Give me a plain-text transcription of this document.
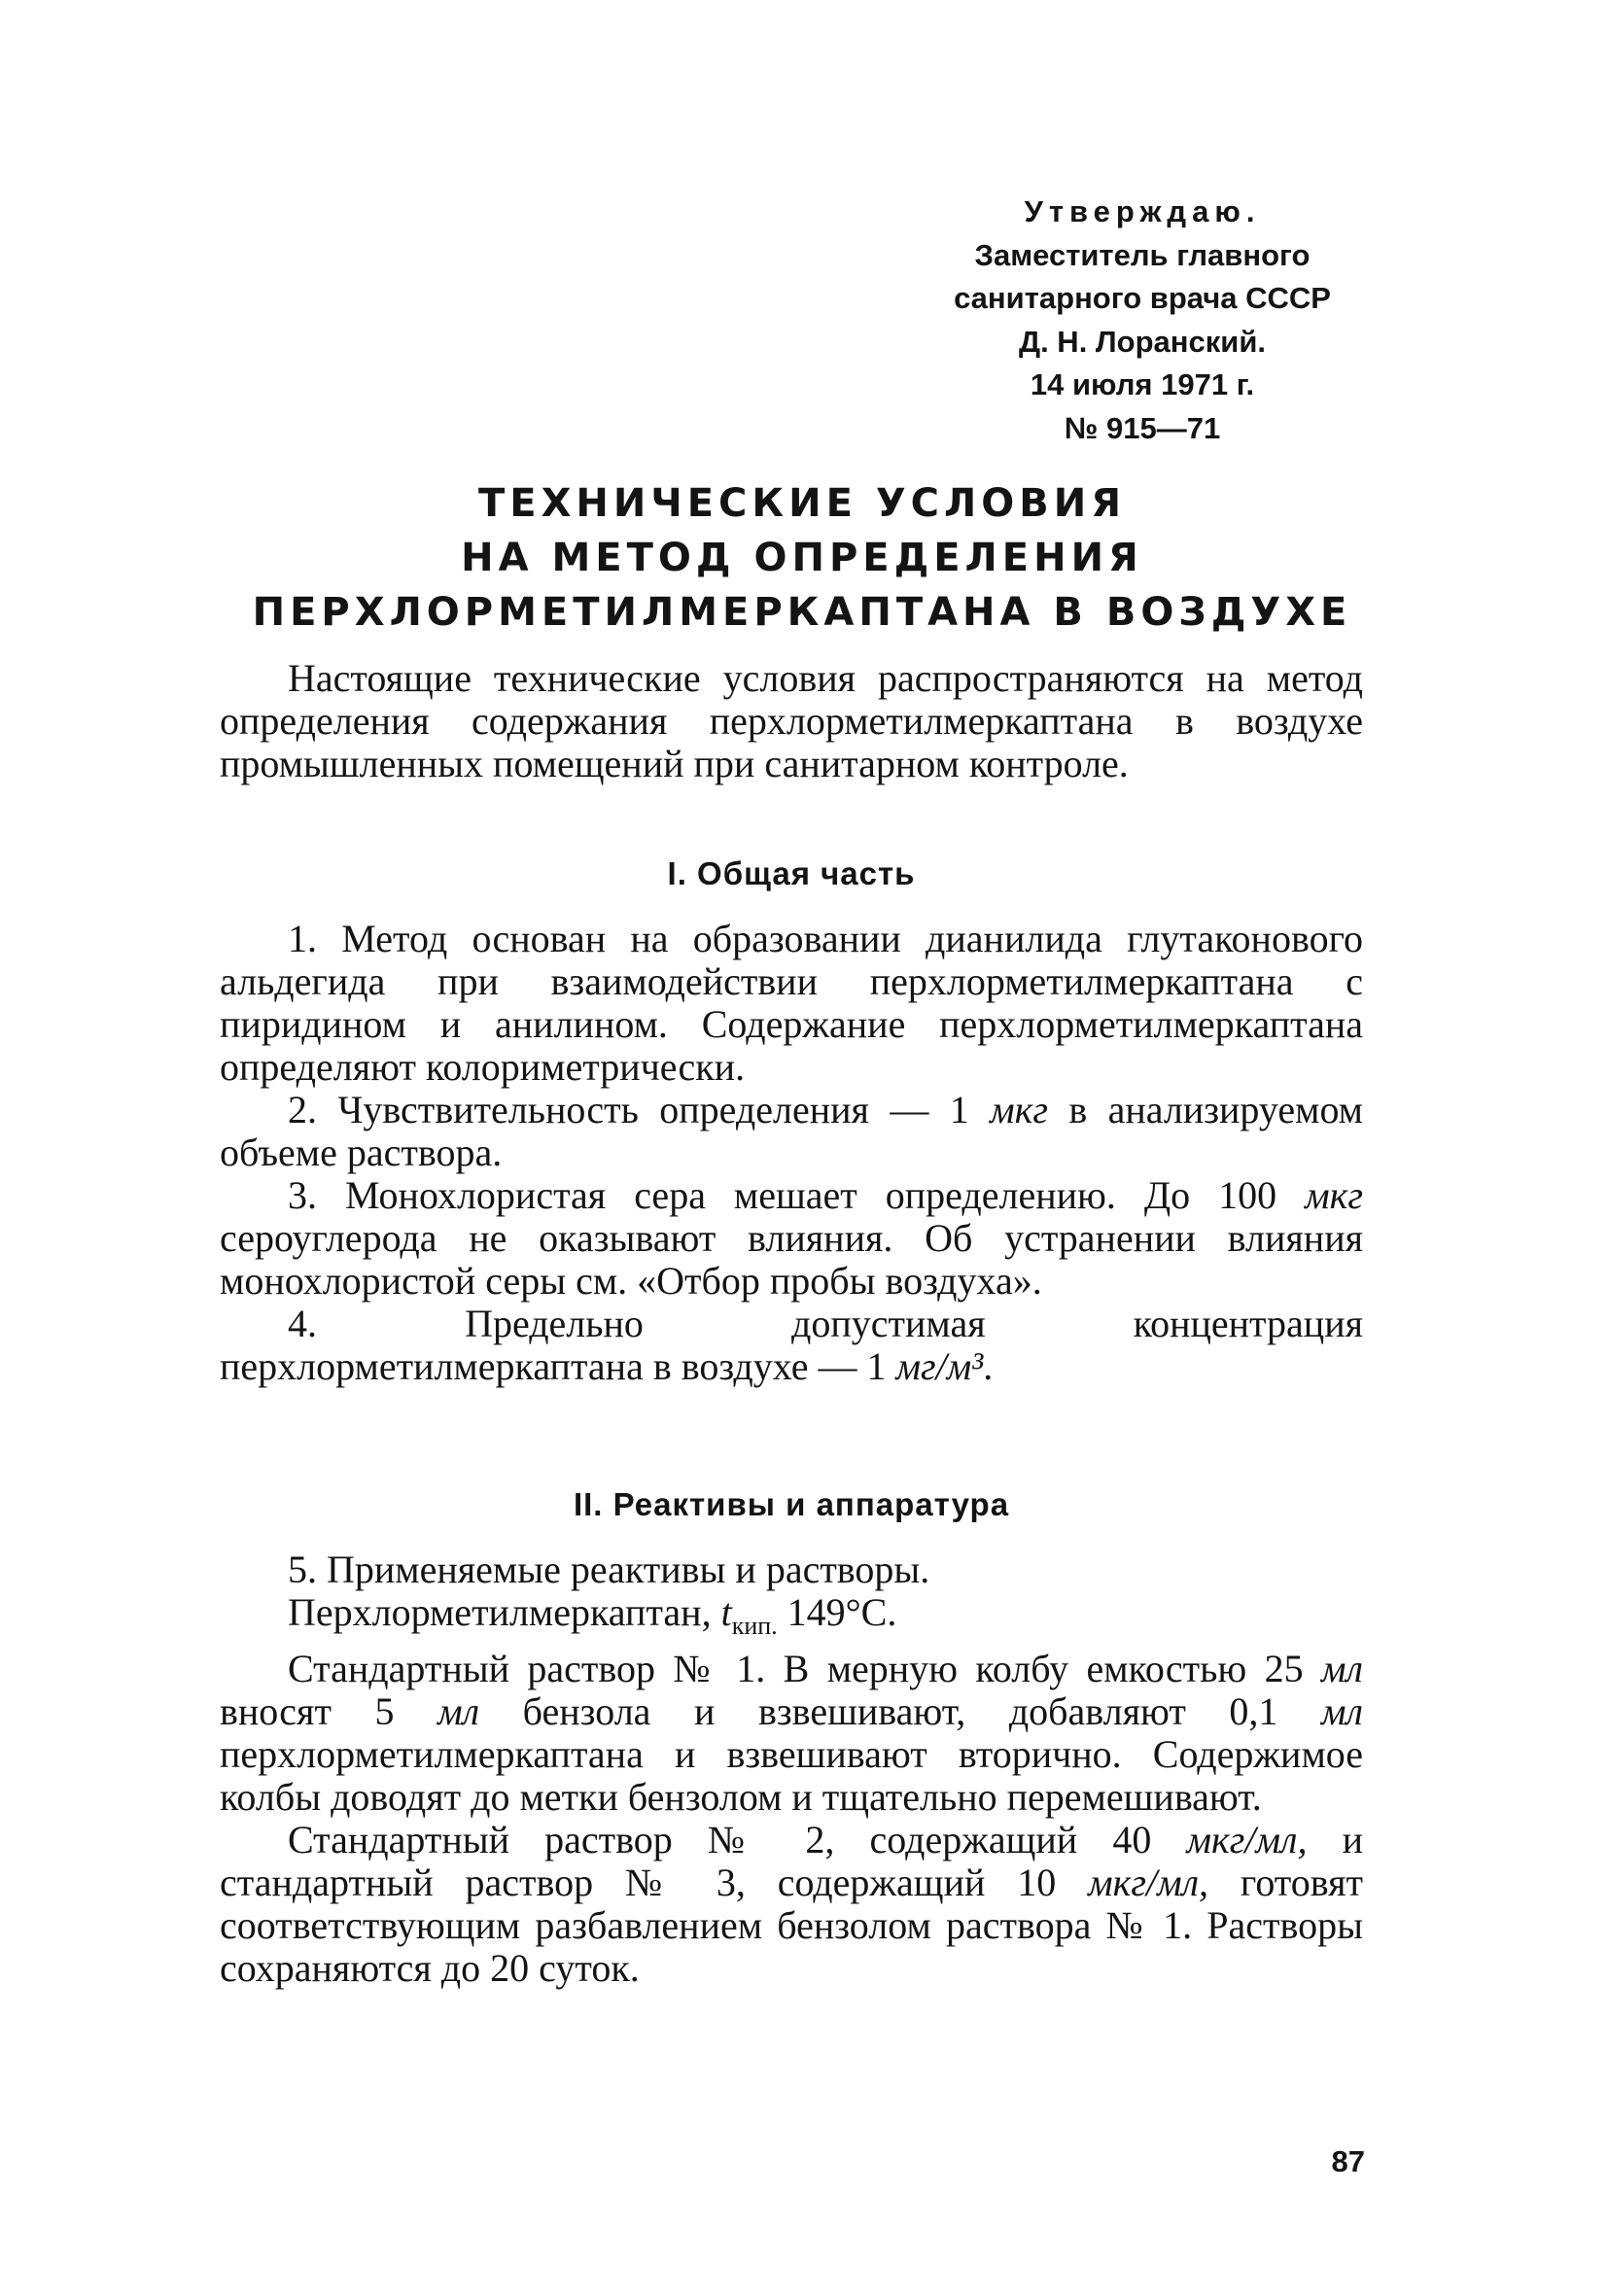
Утверждаю.
Заместитель главного
санитарного врача СССР
Д. Н. Лоранский.
14 июля 1971 г.
№ 915—71
ТЕХНИЧЕСКИЕ УСЛОВИЯ
НА МЕТОД ОПРЕДЕЛЕНИЯ
ПЕРХЛОРМЕТИЛМЕРКАПТАНА В ВОЗДУХЕ

Настоящие технические условия распространяются на метод определения содержания перхлорметилмеркаптана в воздухе промышленных помещений при санитарном контроле.

I. Общая часть

1. Метод основан на образовании дианилида глутаконового альдегида при взаимодействии перхлорметилмеркаптана с пиридином и анилином. Содержание перхлорметилмеркаптана определяют колориметрически.

2. Чувствительность определения — 1 мкг в анализируемом объеме раствора.

3. Монохлористая сера мешает определению. До 100 мкг сероуглерода не оказывают влияния. Об устранении влияния монохлористой серы см. «Отбор пробы воздуха».

4. Предельно допустимая концентрация перхлорметилмеркаптана в воздухе — 1 мг/м³.

II. Реактивы и аппаратура

5. Применяемые реактивы и растворы.

Перхлорметилмеркаптан, $t_{кип.}$ 149°С.

Стандартный раствор № 1. В мерную колбу емкостью 25 мл вносят 5 мл бензола и взвешивают, добавляют 0,1 мл перхлорметилмеркаптана и взвешивают вторично. Содержимое колбы доводят до метки бензолом и тщательно перемешивают.

Стандартный раствор № 2, содержащий 40 мкг/мл, и стандартный раствор № 3, содержащий 10 мкг/мл, готовят соответствующим разбавлением бензолом раствора № 1. Растворы сохраняются до 20 суток.

87
